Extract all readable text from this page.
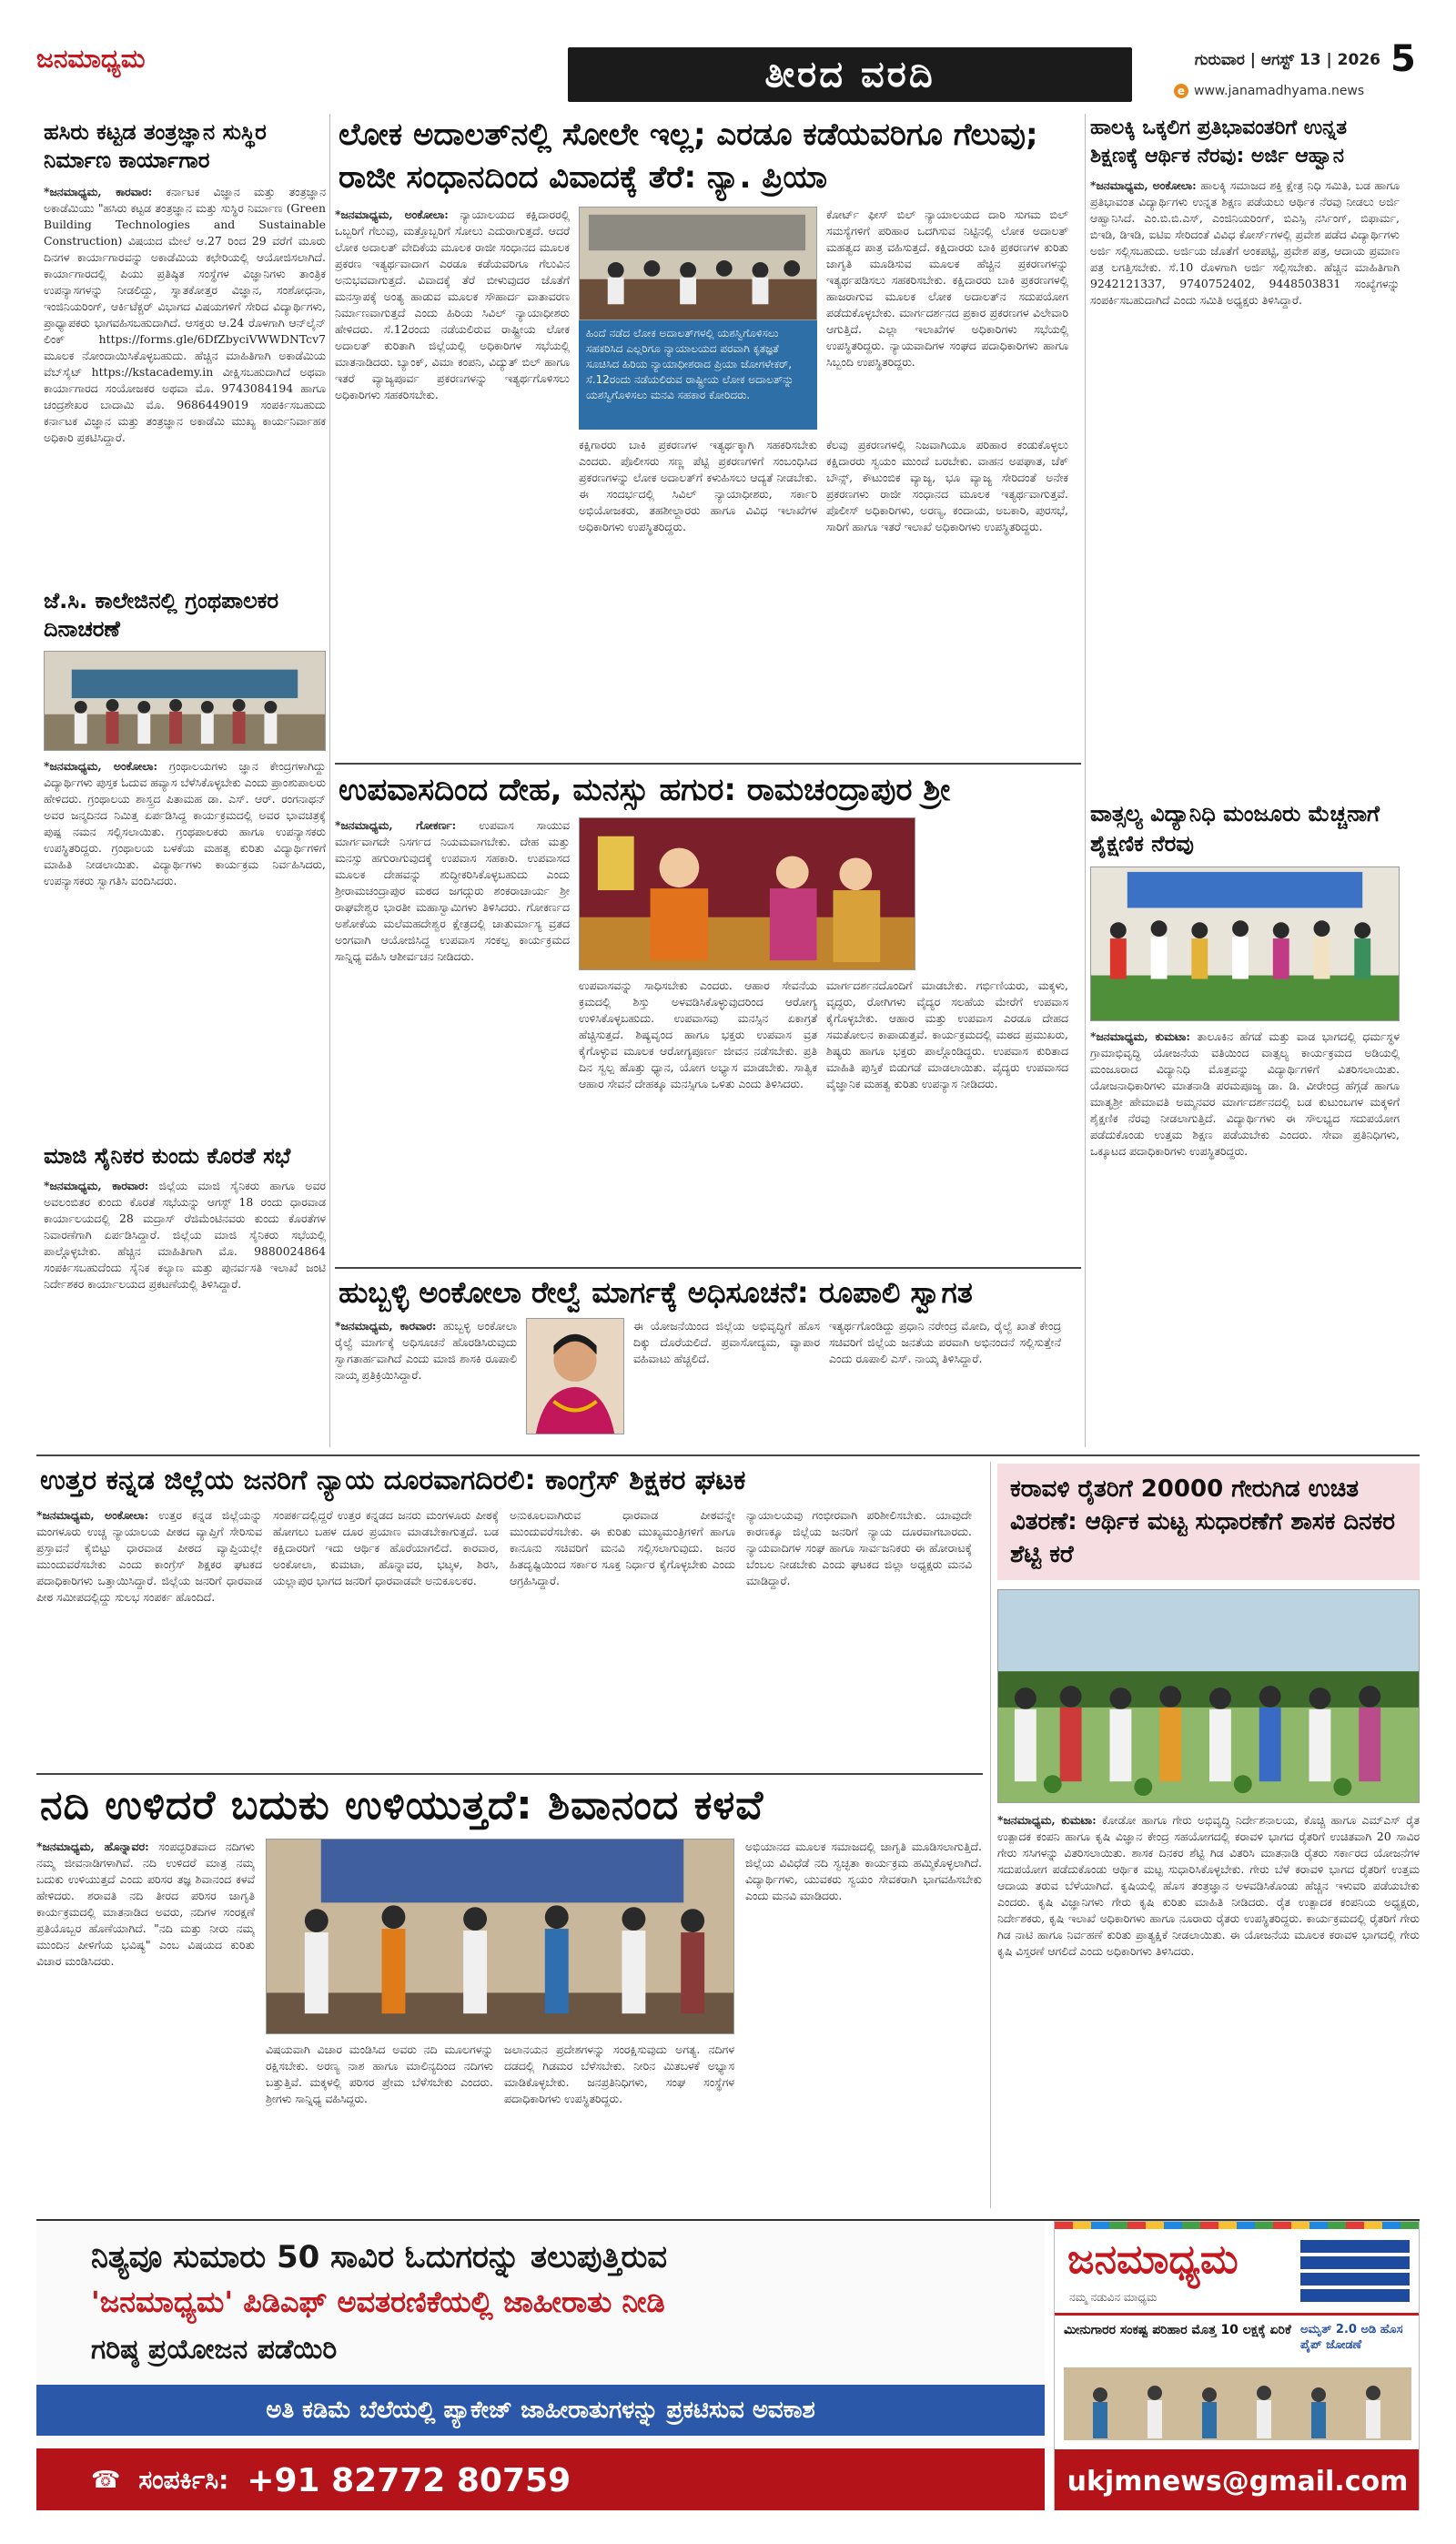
ಜನಮಾಧ್ಯಮ	ತೀರದ ವರದಿ	ಗುರುವಾರ | ಆಗಸ್ಟ್ 13 | 2026 5
e www.janamadhyama.news
ಹಸಿರು ಕಟ್ಟಡ ತಂತ್ರಜ್ಞಾನ ಸುಸ್ಥಿರ ನಿರ್ಮಾಣ ಕಾರ್ಯಾಗಾರ
*ಜನಮಾಧ್ಯಮ, ಕಾರವಾರ: ಕರ್ನಾಟಕ ವಿಜ್ಞಾನ ಮತ್ತು ತಂತ್ರಜ್ಞಾನ ಅಕಾಡೆಮಿಯು "ಹಸಿರು ಕಟ್ಟಡ ತಂತ್ರಜ್ಞಾನ ಮತ್ತು ಸುಸ್ಥಿರ ನಿರ್ಮಾಣ (Green Building Technologies and Sustainable Construction) ವಿಷಯದ ಮೇಲೆ ಆ.27 ರಿಂದ 29 ವರೆಗೆ ಮೂರು ದಿನಗಳ ಕಾರ್ಯಾಗಾರವನ್ನು ಅಕಾಡೆಮಿಯ ಕಛೇರಿಯಲ್ಲಿ ಆಯೋಜಿಸಲಾಗಿದೆ. ಕಾರ್ಯಾಗಾರದಲ್ಲಿ ಪಿಯು ಪ್ರತಿಷ್ಠಿತ ಸಂಸ್ಥೆಗಳ ವಿಜ್ಞಾನಿಗಳು ತಾಂತ್ರಿಕ ಉಪನ್ಯಾಸಗಳನ್ನು ನೀಡಲಿದ್ದು, ಸ್ನಾತಕೋತ್ತರ ವಿಜ್ಞಾನ, ಸಂಶೋಧನಾ, ಇಂಜಿನಿಯರಿಂಗ್, ಆರ್ಕಿಟೆಕ್ಚರ್ ವಿಭಾಗದ ವಿಷಯಗಳಿಗೆ ಸೇರಿದ ವಿದ್ಯಾರ್ಥಿಗಳು, ಪ್ರಾಧ್ಯಾಪಕರು ಭಾಗವಹಿಸಬಹುದಾಗಿದೆ. ಆಸಕ್ತರು ಆ.24 ರೊಳಗಾಗಿ ಆನ್‌ಲೈನ್ ಲಿಂಕ್ https://forms.gle/6DfZbyciVWWDNTcv7 ಮೂಲಕ ನೋಂದಾಯಿಸಿಕೊಳ್ಳಬಹುದು. ಹೆಚ್ಚಿನ ಮಾಹಿತಿಗಾಗಿ ಅಕಾಡೆಮಿಯ ವೆಬ್‌ಸೈಟ್ https://kstacademy.in ವೀಕ್ಷಿಸಬಹುದಾಗಿದೆ ಅಥವಾ ಕಾರ್ಯಾಗಾರದ ಸಂಯೋಜಕರ ಅಥವಾ ಮೊ. 9743084194 ಹಾಗೂ ಚಂದ್ರಶೇಖರ ಬಾದಾಮಿ ಮೊ. 9686449019 ಸಂಪರ್ಕಿಸಬಹುದು ಕರ್ನಾಟಕ ವಿಜ್ಞಾನ ಮತ್ತು ತಂತ್ರಜ್ಞಾನ ಅಕಾಡೆಮಿ ಮುಖ್ಯ ಕಾರ್ಯನಿರ್ವಾಹಕ ಅಧಿಕಾರಿ ಪ್ರಕಟಿಸಿದ್ದಾರೆ.
ಜೆ.ಸಿ. ಕಾಲೇಜಿನಲ್ಲಿ ಗ್ರಂಥಪಾಲಕರ ದಿನಾಚರಣೆ
*ಜನಮಾಧ್ಯಮ, ಅಂಕೋಲಾ: ಗ್ರಂಥಾಲಯಗಳು ಜ್ಞಾನ ಕೇಂದ್ರಗಳಾಗಿದ್ದು ವಿದ್ಯಾರ್ಥಿಗಳು ಪುಸ್ತಕ ಓದುವ ಹವ್ಯಾಸ ಬೆಳೆಸಿಕೊಳ್ಳಬೇಕು ಎಂದು ಪ್ರಾಂಶುಪಾಲರು ಹೇಳಿದರು. ಗ್ರಂಥಾಲಯ ಶಾಸ್ತ್ರದ ಪಿತಾಮಹ ಡಾ. ಎಸ್. ಆರ್. ರಂಗನಾಥನ್ ಅವರ ಜನ್ಮದಿನದ ನಿಮಿತ್ತ ಏರ್ಪಡಿಸಿದ್ದ ಕಾರ್ಯಕ್ರಮದಲ್ಲಿ ಅವರ ಭಾವಚಿತ್ರಕ್ಕೆ ಪುಷ್ಪ ನಮನ ಸಲ್ಲಿಸಲಾಯಿತು. ಗ್ರಂಥಪಾಲಕರು ಹಾಗೂ ಉಪನ್ಯಾಸಕರು ಉಪಸ್ಥಿತರಿದ್ದರು. ಗ್ರಂಥಾಲಯ ಬಳಕೆಯ ಮಹತ್ವ ಕುರಿತು ವಿದ್ಯಾರ್ಥಿಗಳಿಗೆ ಮಾಹಿತಿ ನೀಡಲಾಯಿತು. ವಿದ್ಯಾರ್ಥಿಗಳು ಕಾರ್ಯಕ್ರಮ ನಿರ್ವಹಿಸಿದರು, ಉಪನ್ಯಾಸಕರು ಸ್ವಾಗತಿಸಿ ವಂದಿಸಿದರು.
ಮಾಜಿ ಸೈನಿಕರ ಕುಂದು ಕೊರತೆ ಸಭೆ
*ಜನಮಾಧ್ಯಮ, ಕಾರವಾರ: ಜಿಲ್ಲೆಯ ಮಾಜಿ ಸೈನಿಕರು ಹಾಗೂ ಅವರ ಅವಲಂಬಿತರ ಕುಂದು ಕೊರತೆ ಸಭೆಯನ್ನು ಆಗಸ್ಟ್ 18 ರಂದು ಧಾರವಾಡ ಕಾರ್ಯಾಲಯದಲ್ಲಿ 28 ಮದ್ರಾಸ್ ರೆಜಿಮೆಂಟಿನವರು ಕುಂದು ಕೊರತೆಗಳ ನಿವಾರಣೆಗಾಗಿ ಏರ್ಪಡಿಸಿದ್ದಾರೆ. ಜಿಲ್ಲೆಯ ಮಾಜಿ ಸೈನಿಕರು ಸಭೆಯಲ್ಲಿ ಪಾಲ್ಗೊಳ್ಳಬೇಕು. ಹೆಚ್ಚಿನ ಮಾಹಿತಿಗಾಗಿ ಮೊ. 9880024864 ಸಂಪರ್ಕಿಸಬಹುದೆಂದು ಸೈನಿಕ ಕಲ್ಯಾಣ ಮತ್ತು ಪುನರ್ವಸತಿ ಇಲಾಖೆ ಜಂಟಿ ನಿರ್ದೇಶಕರ ಕಾರ್ಯಾಲಯದ ಪ್ರಕಟಣೆಯಲ್ಲಿ ತಿಳಿಸಿದ್ದಾರೆ.
ಲೋಕ ಅದಾಲತ್‌ನಲ್ಲಿ ಸೋಲೇ ಇಲ್ಲ; ಎರಡೂ ಕಡೆಯವರಿಗೂ ಗೆಲುವು; ರಾಜೀ ಸಂಧಾನದಿಂದ ವಿವಾದಕ್ಕೆ ತೆರೆ: ನ್ಯಾ. ಪ್ರಿಯಾ
*ಜನಮಾಧ್ಯಮ, ಅಂಕೋಲಾ: ನ್ಯಾಯಾಲಯದ ಕಕ್ಷಿದಾರರಲ್ಲಿ ಒಬ್ಬರಿಗೆ ಗೆಲುವು, ಮತ್ತೊಬ್ಬರಿಗೆ ಸೋಲು ಎದುರಾಗುತ್ತದೆ. ಆದರೆ ಲೋಕ ಅದಾಲತ್ ವೇದಿಕೆಯ ಮೂಲಕ ರಾಜೀ ಸಂಧಾನದ ಮೂಲಕ ಪ್ರಕರಣ ಇತ್ಯರ್ಥವಾದಾಗ ಎರಡೂ ಕಡೆಯವರಿಗೂ ಗೆಲುವಿನ ಅನುಭವವಾಗುತ್ತದೆ. ವಿವಾದಕ್ಕೆ ತೆರೆ ಬೀಳುವುದರ ಜೊತೆಗೆ ಮನಸ್ತಾಪಕ್ಕೆ ಅಂತ್ಯ ಹಾಡುವ ಮೂಲಕ ಸೌಹಾರ್ದ ವಾತಾವರಣ ನಿರ್ಮಾಣವಾಗುತ್ತದೆ ಎಂದು ಹಿರಿಯ ಸಿವಿಲ್ ನ್ಯಾಯಾಧೀಶರು ಹೇಳಿದರು. ಸೆ.12ರಂದು ನಡೆಯಲಿರುವ ರಾಷ್ಟ್ರೀಯ ಲೋಕ ಅದಾಲತ್ ಕುರಿತಾಗಿ ಜಿಲ್ಲೆಯಲ್ಲಿ ಅಧಿಕಾರಿಗಳ ಸಭೆಯಲ್ಲಿ ಮಾತನಾಡಿದರು. ಬ್ಯಾಂಕ್, ವಿಮಾ ಕಂಪನಿ, ವಿದ್ಯುತ್ ಬಿಲ್ ಹಾಗೂ ಇತರೆ ವ್ಯಾಜ್ಯಪೂರ್ವ ಪ್ರಕರಣಗಳನ್ನು ಇತ್ಯರ್ಥಗೊಳಿಸಲು ಅಧಿಕಾರಿಗಳು ಸಹಕರಿಸಬೇಕು.
ಹಿಂದೆ ನಡೆದ ಲೋಕ ಅದಾಲತ್‌ಗಳಲ್ಲಿ ಯಶಸ್ವಿಗೊಳಿಸಲು ಸಹಕರಿಸಿದ ಎಲ್ಲರಿಗೂ ನ್ಯಾಯಾಲಯದ ಪರವಾಗಿ ಕೃತಜ್ಞತೆ ಸೂಚಿಸಿದ ಹಿರಿಯ ನ್ಯಾಯಾಧೀಶರಾದ ಪ್ರಿಯಾ ಜೋಗಳೇಕರ್, ಸೆ.12ರಂದು ನಡೆಯಲಿರುವ ರಾಷ್ಟ್ರೀಯ ಲೋಕ ಅದಾಲತ್‌ನ್ನು ಯಶಸ್ವಿಗೊಳಿಸಲು ಮನವಿ ಸಹಕಾರ ಕೋರಿದರು.
ಕೋರ್ಟ್ ಫೀಸ್ ಬಿಲ್ ನ್ಯಾಯಾಲಯದ ದಾರಿ ಸುಗಮ ಬಿಲ್ ಸಮಸ್ಯೆಗಳಿಗೆ ಪರಿಹಾರ ಒದಗಿಸುವ ನಿಟ್ಟಿನಲ್ಲಿ ಲೋಕ ಅದಾಲತ್ ಮಹತ್ವದ ಪಾತ್ರ ವಹಿಸುತ್ತದೆ. ಕಕ್ಷಿದಾರರು ಬಾಕಿ ಪ್ರಕರಣಗಳ ಕುರಿತು ಜಾಗೃತಿ ಮೂಡಿಸುವ ಮೂಲಕ ಹೆಚ್ಚಿನ ಪ್ರಕರಣಗಳನ್ನು ಇತ್ಯರ್ಥಪಡಿಸಲು ಸಹಕರಿಸಬೇಕು. ಕಕ್ಷಿದಾರರು ಬಾಕಿ ಪ್ರಕರಣಗಳಲ್ಲಿ ಹಾಜರಾಗುವ ಮೂಲಕ ಲೋಕ ಅದಾಲತ್‌ನ ಸದುಪಯೋಗ ಪಡೆದುಕೊಳ್ಳಬೇಕು. ಮಾರ್ಗದರ್ಶನದ ಪ್ರಕಾರ ಪ್ರಕರಣಗಳ ವಿಲೇವಾರಿ ಆಗುತ್ತಿದೆ. ಎಲ್ಲಾ ಇಲಾಖೆಗಳ ಅಧಿಕಾರಿಗಳು ಸಭೆಯಲ್ಲಿ ಉಪಸ್ಥಿತರಿದ್ದರು. ನ್ಯಾಯವಾದಿಗಳ ಸಂಘದ ಪದಾಧಿಕಾರಿಗಳು ಹಾಗೂ ಸಿಬ್ಬಂದಿ ಉಪಸ್ಥಿತರಿದ್ದರು.
ಕಕ್ಷಿಗಾರರು ಬಾಕಿ ಪ್ರಕರಣಗಳ ಇತ್ಯರ್ಥಕ್ಕಾಗಿ ಸಹಕರಿಸಬೇಕು ಎಂದರು. ಪೊಲೀಸರು ಸಣ್ಣ ಪೆಟ್ಟಿ ಪ್ರಕರಣಗಳಿಗೆ ಸಂಬಂಧಿಸಿದ ಪ್ರಕರಣಗಳನ್ನು ಲೋಕ ಅದಾಲತ್‌ಗೆ ಕಳುಹಿಸಲು ಆದ್ಯತೆ ನೀಡಬೇಕು. ಈ ಸಂದರ್ಭದಲ್ಲಿ ಸಿವಿಲ್ ನ್ಯಾಯಾಧೀಶರು, ಸರ್ಕಾರಿ ಅಭಿಯೋಜಕರು, ತಹಶೀಲ್ದಾರರು ಹಾಗೂ ವಿವಿಧ ಇಲಾಖೆಗಳ ಅಧಿಕಾರಿಗಳು ಉಪಸ್ಥಿತರಿದ್ದರು.
ಕೆಲವು ಪ್ರಕರಣಗಳಲ್ಲಿ ನಿಜವಾಗಿಯೂ ಪರಿಹಾರ ಕಂಡುಕೊಳ್ಳಲು ಕಕ್ಷಿದಾರರು ಸ್ವಯಂ ಮುಂದೆ ಬರಬೇಕು. ವಾಹನ ಅಪಘಾತ, ಚೆಕ್ ಬೌನ್ಸ್, ಕೌಟುಂಬಿಕ ವ್ಯಾಜ್ಯ, ಭೂ ವ್ಯಾಜ್ಯ ಸೇರಿದಂತೆ ಅನೇಕ ಪ್ರಕರಣಗಳು ರಾಜೀ ಸಂಧಾನದ ಮೂಲಕ ಇತ್ಯರ್ಥವಾಗುತ್ತವೆ. ಪೊಲೀಸ್ ಅಧಿಕಾರಿಗಳು, ಅರಣ್ಯ, ಕಂದಾಯ, ಅಬಕಾರಿ, ಪುರಸಭೆ, ಸಾರಿಗೆ ಹಾಗೂ ಇತರೆ ಇಲಾಖೆ ಅಧಿಕಾರಿಗಳು ಉಪಸ್ಥಿತರಿದ್ದರು.
ಉಪವಾಸದಿಂದ ದೇಹ, ಮನಸ್ಸು ಹಗುರ: ರಾಮಚಂದ್ರಾಪುರ ಶ್ರೀ
*ಜನಮಾಧ್ಯಮ, ಗೋಕರ್ಣ: ಉಪವಾಸ ಸಾಯುವ ಮಾರ್ಗವಾಗದೇ ನಿಸರ್ಗದ ನಿಯಮವಾಗಬೇಕು. ದೇಹ ಮತ್ತು ಮನಸ್ಸು ಹಗುರಾಗುವುದಕ್ಕೆ ಉಪವಾಸ ಸಹಕಾರಿ. ಉಪವಾಸದ ಮೂಲಕ ದೇಹವನ್ನು ಶುದ್ಧೀಕರಿಸಿಕೊಳ್ಳಬಹುದು ಎಂದು ಶ್ರೀರಾಮಚಂದ್ರಾಪುರ ಮಠದ ಜಗದ್ಗುರು ಶಂಕರಾಚಾರ್ಯ ಶ್ರೀ ರಾಘವೇಶ್ವರ ಭಾರತೀ ಮಹಾಸ್ವಾಮಿಗಳು ತಿಳಿಸಿದರು. ಗೋಕರ್ಣದ ಅಶೋಕೆಯ ಮಲೆಮಹದೇಶ್ವರ ಕ್ಷೇತ್ರದಲ್ಲಿ ಚಾತುರ್ಮಾಸ್ಯ ವ್ರತದ ಅಂಗವಾಗಿ ಆಯೋಜಿಸಿದ್ದ ಉಪವಾಸ ಸಂಕಲ್ಪ ಕಾರ್ಯಕ್ರಮದ ಸಾನ್ನಿಧ್ಯ ವಹಿಸಿ ಆಶೀರ್ವಚನ ನೀಡಿದರು.
ಉಪವಾಸವನ್ನು ಸಾಧಿಸಬೇಕು ಎಂದರು. ಆಹಾರ ಸೇವನೆಯ ಕ್ರಮದಲ್ಲಿ ಶಿಸ್ತು ಅಳವಡಿಸಿಕೊಳ್ಳುವುದರಿಂದ ಆರೋಗ್ಯ ಉಳಿಸಿಕೊಳ್ಳಬಹುದು. ಉಪವಾಸವು ಮನಸ್ಸಿನ ಏಕಾಗ್ರತೆ ಹೆಚ್ಚಿಸುತ್ತದೆ. ಶಿಷ್ಯವೃಂದ ಹಾಗೂ ಭಕ್ತರು ಉಪವಾಸ ವ್ರತ ಕೈಗೊಳ್ಳುವ ಮೂಲಕ ಆರೋಗ್ಯಪೂರ್ಣ ಜೀವನ ನಡೆಸಬೇಕು. ಪ್ರತಿ ದಿನ ಸ್ವಲ್ಪ ಹೊತ್ತು ಧ್ಯಾನ, ಯೋಗ ಅಭ್ಯಾಸ ಮಾಡಬೇಕು. ಸಾತ್ವಿಕ ಆಹಾರ ಸೇವನೆ ದೇಹಕ್ಕೂ ಮನಸ್ಸಿಗೂ ಒಳಿತು ಎಂದು ತಿಳಿಸಿದರು.
ಮಾರ್ಗದರ್ಶನದೊಂದಿಗೆ ಮಾಡಬೇಕು. ಗರ್ಭಿಣಿಯರು, ಮಕ್ಕಳು, ವೃದ್ಧರು, ರೋಗಿಗಳು ವೈದ್ಯರ ಸಲಹೆಯ ಮೇರೆಗೆ ಉಪವಾಸ ಕೈಗೊಳ್ಳಬೇಕು. ಆಹಾರ ಮತ್ತು ಉಪವಾಸ ಎರಡೂ ದೇಹದ ಸಮತೋಲನ ಕಾಪಾಡುತ್ತವೆ. ಕಾರ್ಯಕ್ರಮದಲ್ಲಿ ಮಠದ ಪ್ರಮುಖರು, ಶಿಷ್ಯರು ಹಾಗೂ ಭಕ್ತರು ಪಾಲ್ಗೊಂಡಿದ್ದರು. ಉಪವಾಸ ಕುರಿತಾದ ಮಾಹಿತಿ ಪುಸ್ತಿಕೆ ಬಿಡುಗಡೆ ಮಾಡಲಾಯಿತು. ವೈದ್ಯರು ಉಪವಾಸದ ವೈಜ್ಞಾನಿಕ ಮಹತ್ವ ಕುರಿತು ಉಪನ್ಯಾಸ ನೀಡಿದರು.
ಹುಬ್ಬಳ್ಳಿ ಅಂಕೋಲಾ ರೇಲ್ವೆ ಮಾರ್ಗಕ್ಕೆ ಅಧಿಸೂಚನೆ: ರೂಪಾಲಿ ಸ್ವಾಗತ
*ಜನಮಾಧ್ಯಮ, ಕಾರವಾರ: ಹುಬ್ಬಳ್ಳಿ ಅಂಕೋಲಾ ರೈಲ್ವೆ ಮಾರ್ಗಕ್ಕೆ ಅಧಿಸೂಚನೆ ಹೊರಡಿಸಿರುವುದು ಸ್ವಾಗತಾರ್ಹವಾಗಿದೆ ಎಂದು ಮಾಜಿ ಶಾಸಕಿ ರೂಪಾಲಿ ನಾಯ್ಕ ಪ್ರತಿಕ್ರಿಯಿಸಿದ್ದಾರೆ.
ಈ ಯೋಜನೆಯಿಂದ ಜಿಲ್ಲೆಯ ಅಭಿವೃದ್ಧಿಗೆ ಹೊಸ ದಿಕ್ಕು ದೊರೆಯಲಿದೆ. ಪ್ರವಾಸೋದ್ಯಮ, ವ್ಯಾಪಾರ ವಹಿವಾಟು ಹೆಚ್ಚಲಿದೆ.
ಇತ್ಯರ್ಥಗೊಂಡಿದ್ದು ಪ್ರಧಾನಿ ನರೇಂದ್ರ ಮೋದಿ, ರೈಲ್ವೆ ಖಾತೆ ಕೇಂದ್ರ ಸಚಿವರಿಗೆ ಜಿಲ್ಲೆಯ ಜನತೆಯ ಪರವಾಗಿ ಅಭಿನಂದನೆ ಸಲ್ಲಿಸುತ್ತೇನೆ ಎಂದು ರೂಪಾಲಿ ಎಸ್. ನಾಯ್ಕ ತಿಳಿಸಿದ್ದಾರೆ.
ಹಾಲಕ್ಕಿ ಒಕ್ಕಲಿಗ ಪ್ರತಿಭಾವಂತರಿಗೆ ಉನ್ನತ ಶಿಕ್ಷಣಕ್ಕೆ ಆರ್ಥಿಕ ನೆರವು: ಅರ್ಜಿ ಆಹ್ವಾನ
*ಜನಮಾಧ್ಯಮ, ಅಂಕೋಲಾ: ಹಾಲಕ್ಕಿ ಸಮಾಜದ ಶಕ್ತಿ ಕ್ಷೇತ್ರ ನಿಧಿ ಸಮಿತಿ, ಬಡ ಹಾಗೂ ಪ್ರತಿಭಾವಂತ ವಿದ್ಯಾರ್ಥಿಗಳು ಉನ್ನತ ಶಿಕ್ಷಣ ಪಡೆಯಲು ಆರ್ಥಿಕ ನೆರವು ನೀಡಲು ಅರ್ಜಿ ಆಹ್ವಾನಿಸಿದೆ. ಎಂ.ಬಿ.ಬಿ.ಎಸ್, ಎಂಜಿನಿಯರಿಂಗ್, ಬಿಎಸ್ಸಿ ನರ್ಸಿಂಗ್, ಬಿಫಾರ್ಮ, ಬಿಇಡಿ, ಡಿಇಡಿ, ಐಟಿಐ ಸೇರಿದಂತೆ ವಿವಿಧ ಕೋರ್ಸ್‌ಗಳಲ್ಲಿ ಪ್ರವೇಶ ಪಡೆದ ವಿದ್ಯಾರ್ಥಿಗಳು ಅರ್ಜಿ ಸಲ್ಲಿಸಬಹುದು. ಅರ್ಜಿಯ ಜೊತೆಗೆ ಅಂಕಪಟ್ಟಿ, ಪ್ರವೇಶ ಪತ್ರ, ಆದಾಯ ಪ್ರಮಾಣ ಪತ್ರ ಲಗತ್ತಿಸಬೇಕು. ಸೆ.10 ರೊಳಗಾಗಿ ಅರ್ಜಿ ಸಲ್ಲಿಸಬೇಕು. ಹೆಚ್ಚಿನ ಮಾಹಿತಿಗಾಗಿ 9242121337, 9740752402, 9448503831 ಸಂಖ್ಯೆಗಳನ್ನು ಸಂಪರ್ಕಿಸಬಹುದಾಗಿದೆ ಎಂದು ಸಮಿತಿ ಅಧ್ಯಕ್ಷರು ತಿಳಿಸಿದ್ದಾರೆ.
ವಾತ್ಸಲ್ಯ ವಿದ್ಯಾನಿಧಿ ಮಂಜೂರು ಮೆಚ್ಚನಾಗೆ ಶೈಕ್ಷಣಿಕ ನೆರವು
*ಜನಮಾಧ್ಯಮ, ಕುಮಟಾ: ತಾಲೂಕಿನ ಹೆಗಡೆ ಮತ್ತು ವಾಡ ಭಾಗದಲ್ಲಿ ಧರ್ಮಸ್ಥಳ ಗ್ರಾಮಾಭಿವೃದ್ಧಿ ಯೋಜನೆಯ ವತಿಯಿಂದ ವಾತ್ಸಲ್ಯ ಕಾರ್ಯಕ್ರಮದ ಅಡಿಯಲ್ಲಿ ಮಂಜೂರಾದ ವಿದ್ಯಾನಿಧಿ ಮೊತ್ತವನ್ನು ವಿದ್ಯಾರ್ಥಿಗಳಿಗೆ ವಿತರಿಸಲಾಯಿತು. ಯೋಜನಾಧಿಕಾರಿಗಳು ಮಾತನಾಡಿ ಪರಮಪೂಜ್ಯ ಡಾ. ಡಿ. ವೀರೇಂದ್ರ ಹೆಗ್ಗಡೆ ಹಾಗೂ ಮಾತೃಶ್ರೀ ಹೇಮಾವತಿ ಅಮ್ಮನವರ ಮಾರ್ಗದರ್ಶನದಲ್ಲಿ ಬಡ ಕುಟುಂಬಗಳ ಮಕ್ಕಳಿಗೆ ಶೈಕ್ಷಣಿಕ ನೆರವು ನೀಡಲಾಗುತ್ತಿದೆ. ವಿದ್ಯಾರ್ಥಿಗಳು ಈ ಸೌಲಭ್ಯದ ಸದುಪಯೋಗ ಪಡೆದುಕೊಂಡು ಉತ್ತಮ ಶಿಕ್ಷಣ ಪಡೆಯಬೇಕು ಎಂದರು. ಸೇವಾ ಪ್ರತಿನಿಧಿಗಳು, ಒಕ್ಕೂಟದ ಪದಾಧಿಕಾರಿಗಳು ಉಪಸ್ಥಿತರಿದ್ದರು.
ಉತ್ತರ ಕನ್ನಡ ಜಿಲ್ಲೆಯ ಜನರಿಗೆ ನ್ಯಾಯ ದೂರವಾಗದಿರಲಿ: ಕಾಂಗ್ರೆಸ್ ಶಿಕ್ಷಕರ ಘಟಕ
*ಜನಮಾಧ್ಯಮ, ಅಂಕೋಲಾ: ಉತ್ತರ ಕನ್ನಡ ಜಿಲ್ಲೆಯನ್ನು ಮಂಗಳೂರು ಉಚ್ಚ ನ್ಯಾಯಾಲಯ ಪೀಠದ ವ್ಯಾಪ್ತಿಗೆ ಸೇರಿಸುವ ಪ್ರಸ್ತಾವನೆ ಕೈಬಿಟ್ಟು ಧಾರವಾಡ ಪೀಠದ ವ್ಯಾಪ್ತಿಯಲ್ಲೇ ಮುಂದುವರೆಸಬೇಕು ಎಂದು ಕಾಂಗ್ರೆಸ್ ಶಿಕ್ಷಕರ ಘಟಕದ ಪದಾಧಿಕಾರಿಗಳು ಒತ್ತಾಯಿಸಿದ್ದಾರೆ. ಜಿಲ್ಲೆಯ ಜನರಿಗೆ ಧಾರವಾಡ ಪೀಠ ಸಮೀಪದಲ್ಲಿದ್ದು ಸುಲಭ ಸಂಪರ್ಕ ಹೊಂದಿದೆ.
ಸಂಪರ್ಕದಲ್ಲಿದ್ದರೆ ಉತ್ತರ ಕನ್ನಡದ ಜನರು ಮಂಗಳೂರು ಪೀಠಕ್ಕೆ ಹೋಗಲು ಬಹಳ ದೂರ ಪ್ರಯಾಣ ಮಾಡಬೇಕಾಗುತ್ತದೆ. ಬಡ ಕಕ್ಷಿದಾರರಿಗೆ ಇದು ಆರ್ಥಿಕ ಹೊರೆಯಾಗಲಿದೆ. ಕಾರವಾರ, ಅಂಕೋಲಾ, ಕುಮಟಾ, ಹೊನ್ನಾವರ, ಭಟ್ಕಳ, ಶಿರಸಿ, ಯಲ್ಲಾಪುರ ಭಾಗದ ಜನರಿಗೆ ಧಾರವಾಡವೇ ಅನುಕೂಲಕರ.
ಅನುಕೂಲವಾಗಿರುವ ಧಾರವಾಡ ಪೀಠವನ್ನೇ ಮುಂದುವರೆಸಬೇಕು. ಈ ಕುರಿತು ಮುಖ್ಯಮಂತ್ರಿಗಳಿಗೆ ಹಾಗೂ ಕಾನೂನು ಸಚಿವರಿಗೆ ಮನವಿ ಸಲ್ಲಿಸಲಾಗುವುದು. ಜನರ ಹಿತದೃಷ್ಟಿಯಿಂದ ಸರ್ಕಾರ ಸೂಕ್ತ ನಿರ್ಧಾರ ಕೈಗೊಳ್ಳಬೇಕು ಎಂದು ಆಗ್ರಹಿಸಿದ್ದಾರೆ.
ನ್ಯಾಯಾಲಯವು ಗಂಭೀರವಾಗಿ ಪರಿಶೀಲಿಸಬೇಕು. ಯಾವುದೇ ಕಾರಣಕ್ಕೂ ಜಿಲ್ಲೆಯ ಜನರಿಗೆ ನ್ಯಾಯ ದೂರವಾಗಬಾರದು. ನ್ಯಾಯವಾದಿಗಳ ಸಂಘ ಹಾಗೂ ಸಾರ್ವಜನಿಕರು ಈ ಹೋರಾಟಕ್ಕೆ ಬೆಂಬಲ ನೀಡಬೇಕು ಎಂದು ಘಟಕದ ಜಿಲ್ಲಾ ಅಧ್ಯಕ್ಷರು ಮನವಿ ಮಾಡಿದ್ದಾರೆ.
ಕರಾವಳಿ ರೈತರಿಗೆ 20000 ಗೇರುಗಿಡ ಉಚಿತ ವಿತರಣೆ: ಆರ್ಥಿಕ ಮಟ್ಟ ಸುಧಾರಣೆಗೆ ಶಾಸಕ ದಿನಕರ ಶೆಟ್ಟಿ ಕರೆ
*ಜನಮಾಧ್ಯಮ, ಕುಮಟಾ: ಕೋಡೋ ಹಾಗೂ ಗೇರು ಅಭಿವೃದ್ಧಿ ನಿರ್ದೇಶನಾಲಯ, ಕೊಚ್ಚಿ ಹಾಗೂ ಎಮ್‌ಎಸ್ ರೈತ ಉತ್ಪಾದಕ ಕಂಪನಿ ಹಾಗೂ ಕೃಷಿ ವಿಜ್ಞಾನ ಕೇಂದ್ರ ಸಹಯೋಗದಲ್ಲಿ ಕರಾವಳಿ ಭಾಗದ ರೈತರಿಗೆ ಉಚಿತವಾಗಿ 20 ಸಾವಿರ ಗೇರು ಸಸಿಗಳನ್ನು ವಿತರಿಸಲಾಯಿತು. ಶಾಸಕ ದಿನಕರ ಶೆಟ್ಟಿ ಗಿಡ ವಿತರಿಸಿ ಮಾತನಾಡಿ ರೈತರು ಸರ್ಕಾರದ ಯೋಜನೆಗಳ ಸದುಪಯೋಗ ಪಡೆದುಕೊಂಡು ಆರ್ಥಿಕ ಮಟ್ಟ ಸುಧಾರಿಸಿಕೊಳ್ಳಬೇಕು. ಗೇರು ಬೆಳೆ ಕರಾವಳಿ ಭಾಗದ ರೈತರಿಗೆ ಉತ್ತಮ ಆದಾಯ ತರುವ ಬೆಳೆಯಾಗಿದೆ. ಕೃಷಿಯಲ್ಲಿ ಹೊಸ ತಂತ್ರಜ್ಞಾನ ಅಳವಡಿಸಿಕೊಂಡು ಹೆಚ್ಚಿನ ಇಳುವರಿ ಪಡೆಯಬೇಕು ಎಂದರು. ಕೃಷಿ ವಿಜ್ಞಾನಿಗಳು ಗೇರು ಕೃಷಿ ಕುರಿತು ಮಾಹಿತಿ ನೀಡಿದರು. ರೈತ ಉತ್ಪಾದಕ ಕಂಪನಿಯ ಅಧ್ಯಕ್ಷರು, ನಿರ್ದೇಶಕರು, ಕೃಷಿ ಇಲಾಖೆ ಅಧಿಕಾರಿಗಳು ಹಾಗೂ ನೂರಾರು ರೈತರು ಉಪಸ್ಥಿತರಿದ್ದರು. ಕಾರ್ಯಕ್ರಮದಲ್ಲಿ ರೈತರಿಗೆ ಗೇರು ಗಿಡ ನಾಟಿ ಹಾಗೂ ನಿರ್ವಹಣೆ ಕುರಿತು ಪ್ರಾತ್ಯಕ್ಷಿಕೆ ನೀಡಲಾಯಿತು. ಈ ಯೋಜನೆಯ ಮೂಲಕ ಕರಾವಳಿ ಭಾಗದಲ್ಲಿ ಗೇರು ಕೃಷಿ ವಿಸ್ತರಣೆ ಆಗಲಿದೆ ಎಂದು ಅಧಿಕಾರಿಗಳು ತಿಳಿಸಿದರು.
ನದಿ ಉಳಿದರೆ ಬದುಕು ಉಳಿಯುತ್ತದೆ: ಶಿವಾನಂದ ಕಳವೆ
*ಜನಮಾಧ್ಯಮ, ಹೊನ್ನಾವರ: ಸಂಪದ್ಭರಿತವಾದ ನದಿಗಳು ನಮ್ಮ ಜೀವನಾಡಿಗಳಾಗಿವೆ. ನದಿ ಉಳಿದರೆ ಮಾತ್ರ ನಮ್ಮ ಬದುಕು ಉಳಿಯುತ್ತದೆ ಎಂದು ಪರಿಸರ ತಜ್ಞ ಶಿವಾನಂದ ಕಳವೆ ಹೇಳಿದರು. ಶರಾವತಿ ನದಿ ತೀರದ ಪರಿಸರ ಜಾಗೃತಿ ಕಾರ್ಯಕ್ರಮದಲ್ಲಿ ಮಾತನಾಡಿದ ಅವರು, ನದಿಗಳ ಸಂರಕ್ಷಣೆ ಪ್ರತಿಯೊಬ್ಬರ ಹೊಣೆಯಾಗಿದೆ. "ನದಿ ಮತ್ತು ನೀರು ನಮ್ಮ ಮುಂದಿನ ಪೀಳಿಗೆಯ ಭವಿಷ್ಯ" ಎಂಬ ವಿಷಯದ ಕುರಿತು ವಿಚಾರ ಮಂಡಿಸಿದರು.
ವಿಷಯವಾಗಿ ವಿಚಾರ ಮಂಡಿಸಿದ ಅವರು ನದಿ ಮೂಲಗಳನ್ನು ರಕ್ಷಿಸಬೇಕು. ಅರಣ್ಯ ನಾಶ ಹಾಗೂ ಮಾಲಿನ್ಯದಿಂದ ನದಿಗಳು ಬತ್ತುತ್ತಿವೆ. ಮಕ್ಕಳಲ್ಲಿ ಪರಿಸರ ಪ್ರೇಮ ಬೆಳೆಸಬೇಕು ಎಂದರು. ಶ್ರೀಗಳು ಸಾನ್ನಿಧ್ಯ ವಹಿಸಿದ್ದರು.
ಜಲಾನಯನ ಪ್ರದೇಶಗಳನ್ನು ಸಂರಕ್ಷಿಸುವುದು ಅಗತ್ಯ. ನದಿಗಳ ದಡದಲ್ಲಿ ಗಿಡಮರ ಬೆಳೆಸಬೇಕು. ನೀರಿನ ಮಿತಬಳಕೆ ಅಭ್ಯಾಸ ಮಾಡಿಕೊಳ್ಳಬೇಕು. ಜನಪ್ರತಿನಿಧಿಗಳು, ಸಂಘ ಸಂಸ್ಥೆಗಳ ಪದಾಧಿಕಾರಿಗಳು ಉಪಸ್ಥಿತರಿದ್ದರು.
ಅಭಿಯಾನದ ಮೂಲಕ ಸಮಾಜದಲ್ಲಿ ಜಾಗೃತಿ ಮೂಡಿಸಲಾಗುತ್ತಿದೆ. ಜಿಲ್ಲೆಯ ವಿವಿಧೆಡೆ ನದಿ ಸ್ವಚ್ಛತಾ ಕಾರ್ಯಕ್ರಮ ಹಮ್ಮಿಕೊಳ್ಳಲಾಗಿದೆ. ವಿದ್ಯಾರ್ಥಿಗಳು, ಯುವಕರು ಸ್ವಯಂ ಸೇವಕರಾಗಿ ಭಾಗವಹಿಸಬೇಕು ಎಂದು ಮನವಿ ಮಾಡಿದರು.
ನಿತ್ಯವೂ ಸುಮಾರು 50 ಸಾವಿರ ಓದುಗರನ್ನು ತಲುಪುತ್ತಿರುವ
'ಜನಮಾಧ್ಯಮ' ಪಿಡಿಎಫ್ ಅವತರಣಿಕೆಯಲ್ಲಿ ಜಾಹೀರಾತು ನೀಡಿ
ಗರಿಷ್ಠ ಪ್ರಯೋಜನ ಪಡೆಯಿರಿ
ಅತಿ ಕಡಿಮೆ ಬೆಲೆಯಲ್ಲಿ ಪ್ಯಾಕೇಜ್ ಜಾಹೀರಾತುಗಳನ್ನು ಪ್ರಕಟಿಸುವ ಅವಕಾಶ
☎ ಸಂಪರ್ಕಿಸಿ: +91 82772 80759
ಜನಮಾಧ್ಯಮ
ನಮ್ಮ ನಡುವಿನ ಮಾಧ್ಯಮ
ಮೀನುಗಾರರ ಸಂಕಷ್ಟ ಪರಿಹಾರ ಮೊತ್ತ 10 ಲಕ್ಷಕ್ಕೆ ಏರಿಕೆ ಅಮೃತ್ 2.0 ಅಡಿ ಹೊಸ ಪೈಪ್ ಜೋಡಣೆ
ukjmnews@gmail.com
